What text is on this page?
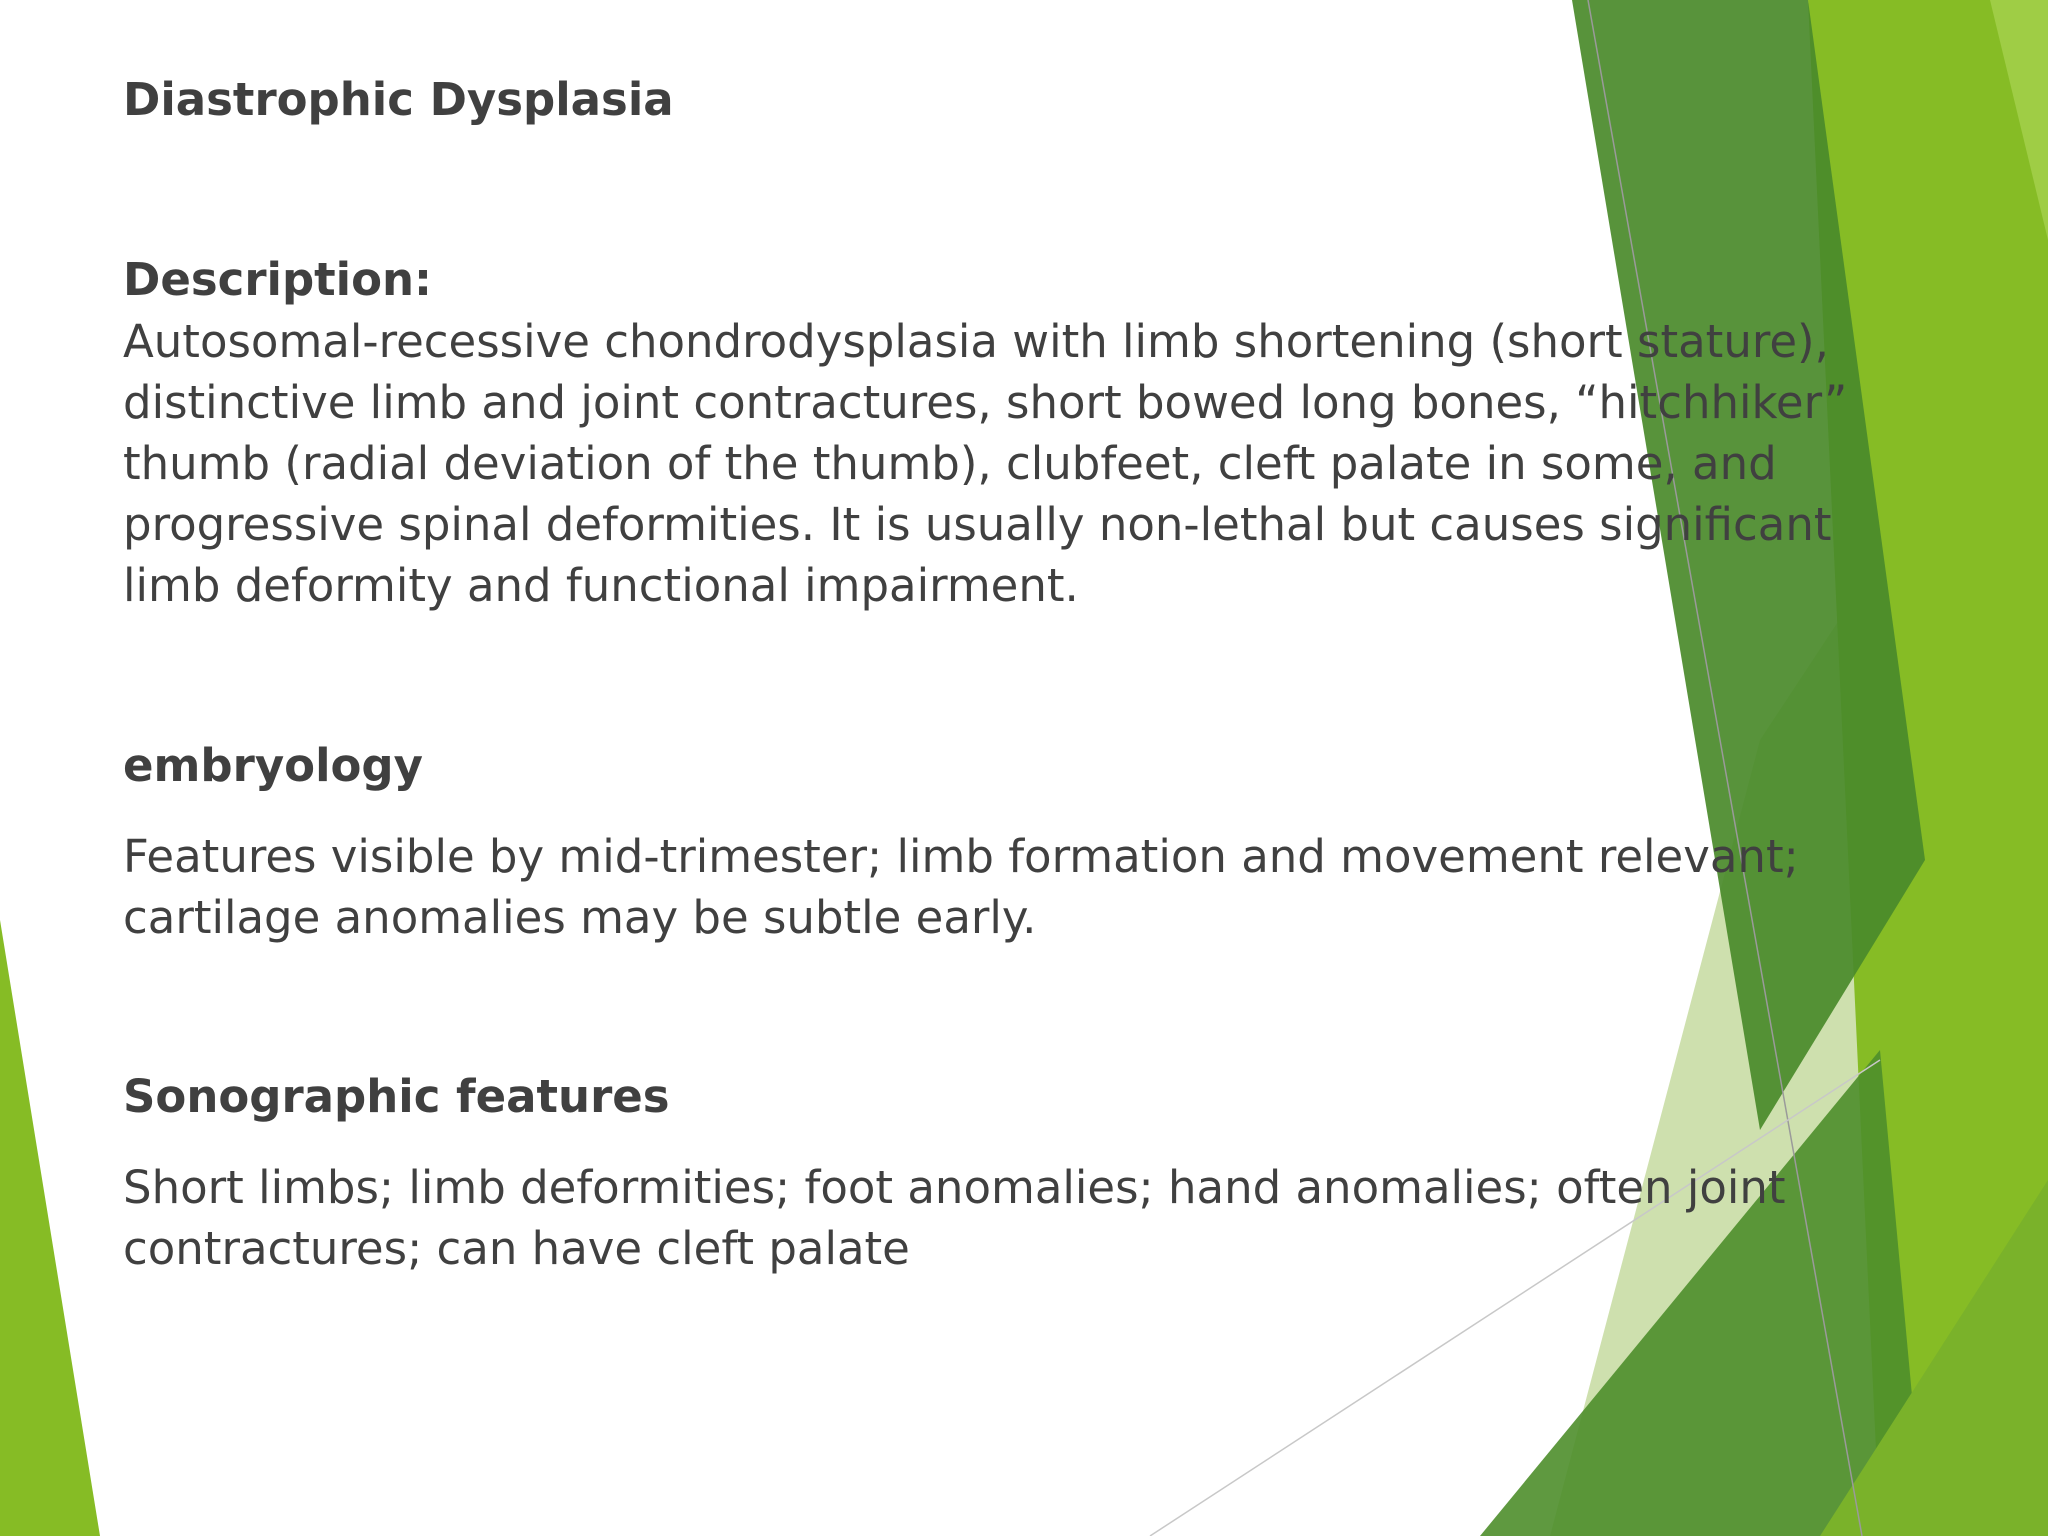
Diastrophic Dysplasia
Description:
Autosomal-recessive chondrodysplasia with limb shortening (short stature),
distinctive limb and joint contractures, short bowed long bones, “hitchhiker”
thumb (radial deviation of the thumb), clubfeet, cleft palate in some, and
progressive spinal deformities. It is usually non-lethal but causes significant
limb deformity and functional impairment.
embryology
Features visible by mid-trimester; limb formation and movement relevant;
cartilage anomalies may be subtle early.
Sonographic features
Short limbs; limb deformities; foot anomalies; hand anomalies; often joint
contractures; can have cleft palate
